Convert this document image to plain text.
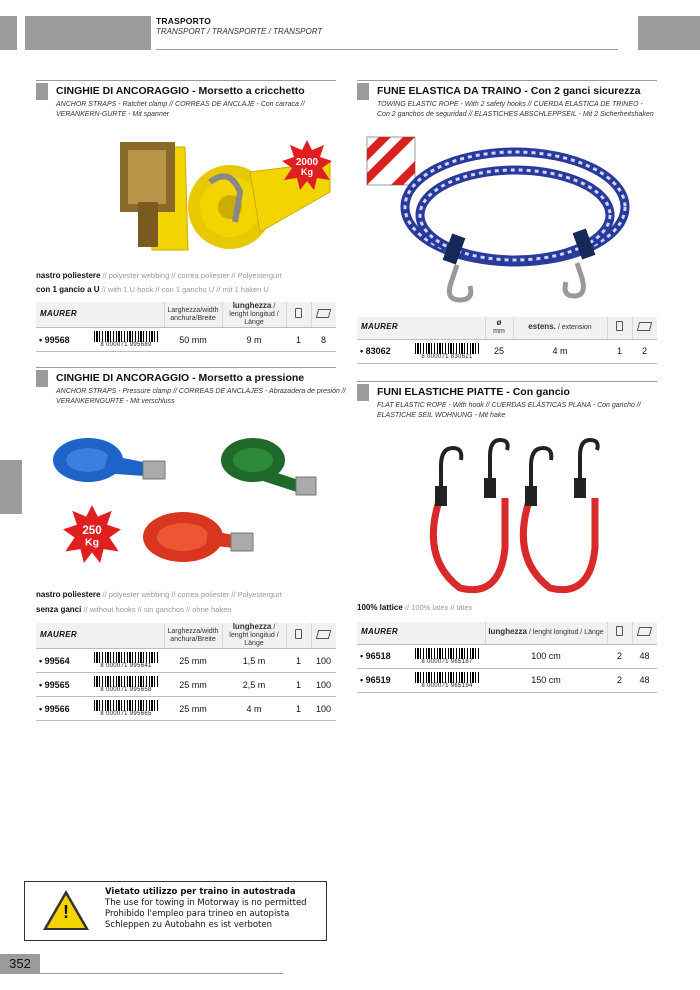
TRASPORTO
TRANSPORT / TRANSPORTE / TRANSPORT
CINGHIE DI ANCORAGGIO - Morsetto a cricchetto
ANCHOR STRAPS - Ratchet clamp // CORREAS DE ANCLAJE - Con carraca // VERANKERN-GURTE - Mit spanner
2000
Kg
nastro poliestere // polyester webbing // correa poliester // Polyestergurt
con 1 gancio a U // with 1 U hook // con 1 gancho U // mit 1 haken U
MAURER		Larghezza/width anchura/Breite	lunghezza / lenght longitud / Länge		
• 99568	8 000071 995689	50 mm	9 m	1	8
CINGHIE DI ANCORAGGIO - Morsetto a pressione
ANCHOR STRAPS - Pressure clamp // CORREAS DE ANCLAJES - Abrazadera de presión // VERANKERNGURTE - Mit verschluss
250
Kg
nastro poliestere // polyester webbing // correa poliester // Polyestergurt
senza ganci // without hooks // sin ganchos // ohne haken
MAURER		Larghezza/width anchura/Breite	lunghezza / lenght longitud / Länge		
• 99564	8 000071 995641	25 mm	1,5 m	1	100
• 99565	8 000071 995658	25 mm	2,5 m	1	100
• 99566	8 000071 995665	25 mm	4 m	1	100
FUNE ELASTICA DA TRAINO - Con 2 ganci sicurezza
TOWING ELASTIC ROPE - With 2 safety hooks // CUERDA ELASTICA DE TRINEO - Con 2 ganchos de seguridad // ELASTICHES ABSCHLEPPSEIL - Mit 2 Sicherheitshaken
MAURER		ø
mm	estens. / extension		
• 83062	8 000071 830621	25	4 m	1	2
FUNI ELASTICHE PIATTE - Con gancio
FLAT ELASTIC ROPE - With hook // CUERDAS ELÁSTICAS PLANA - Con gancho // ELASTICHE SEIL WOHNUNG - Mit hake
100% lattice // 100% latex // látex
MAURER		lunghezza / lenght longitud / Länge		
• 96518	8 000071 965187	100 cm	2	48
• 96519	8 000071 965194	150 cm	2	48
!
Vietato utilizzo per traino in autostrada
The use for towing in Motorway is no permitted
Prohibido l'empleo para trineo en autopista
Schleppen zu Autobahn es ist verboten
352
